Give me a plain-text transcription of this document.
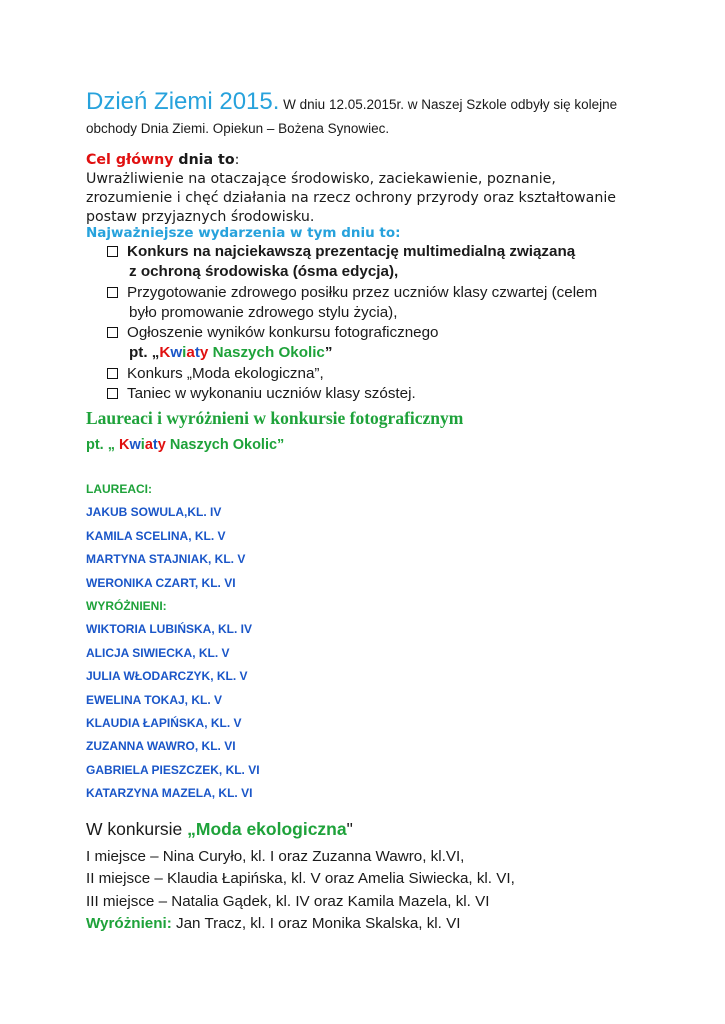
Dzień Ziemi 2015. W dniu 12.05.2015r. w Naszej Szkole odbyły się kolejne
obchody Dnia Ziemi. Opiekun – Bożena Synowiec.
Cel główny dnia to:
Uwrażliwienie na otaczające środowisko, zaciekawienie, poznanie,
zrozumienie i chęć działania na rzecz ochrony przyrody oraz kształtowanie
postaw przyjaznych środowisku.
Najważniejsze wydarzenia w tym dniu to:
Konkurs na najciekawszą prezentację multimedialną związaną
z ochroną środowiska (ósma edycja),
Przygotowanie zdrowego posiłku przez uczniów klasy czwartej (celem
było promowanie zdrowego stylu życia),
Ogłoszenie wyników konkursu fotograficznego
pt. „Kwiaty Naszych Okolic”
Konkurs „Moda ekologiczna”,
Taniec w wykonaniu uczniów klasy szóstej.
Laureaci i wyróżnieni w konkursie fotograficznym
pt. „ Kwiaty Naszych Okolic”
LAUREACI:
JAKUB SOWULA,KL. IV
KAMILA SCELINA, KL. V
MARTYNA STAJNIAK, KL. V
WERONIKA CZART, KL. VI
WYRÓŻNIENI:
WIKTORIA LUBIŃSKA, KL. IV
ALICJA SIWIECKA, KL. V
JULIA WŁODARCZYK, KL. V
EWELINA TOKAJ, KL. V
KLAUDIA ŁAPIŃSKA, KL. V
ZUZANNA WAWRO, KL. VI
GABRIELA PIESZCZEK, KL. VI
KATARZYNA MAZELA, KL. VI
W konkursie „Moda ekologiczna"
I miejsce – Nina Curyło, kl. I oraz Zuzanna Wawro, kl.VI,
II miejsce – Klaudia Łapińska, kl. V oraz Amelia Siwiecka, kl. VI,
III miejsce – Natalia Gądek, kl. IV oraz Kamila Mazela, kl. VI
Wyróżnieni: Jan Tracz, kl. I oraz Monika Skalska, kl. VI
